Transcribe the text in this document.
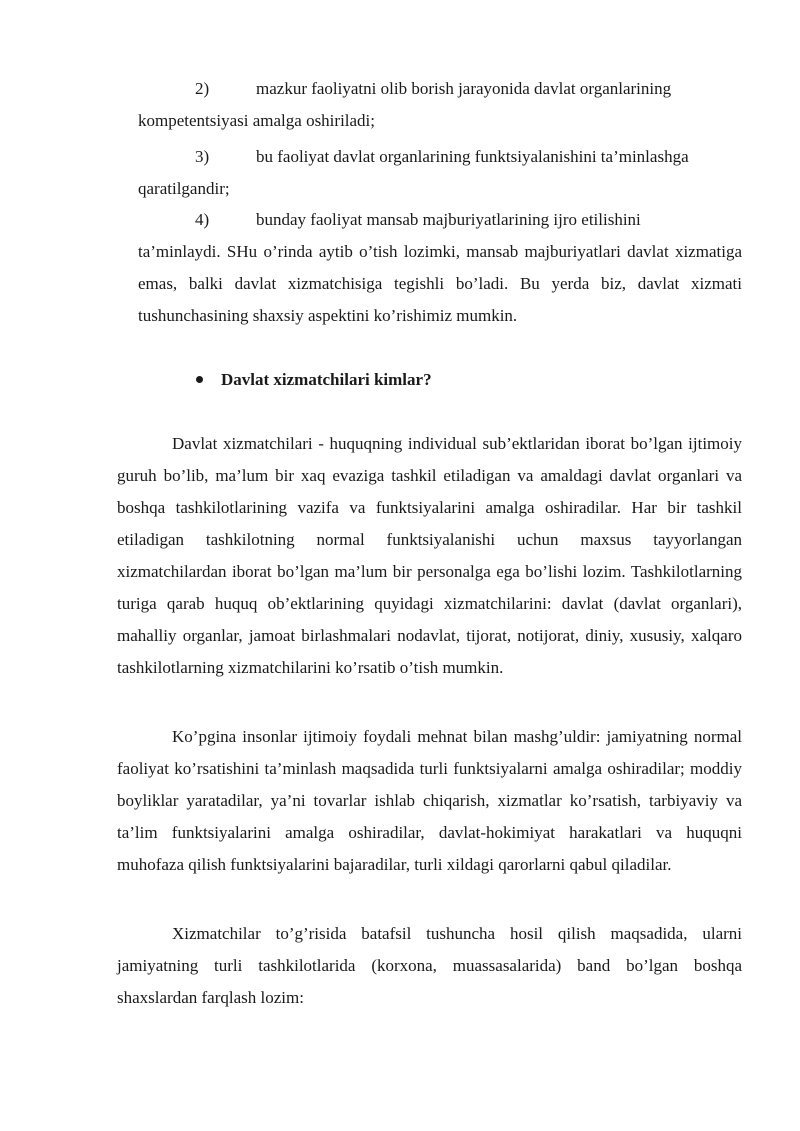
2)	mazkur faoliyatni olib borish jarayonida davlat organlarining
kompetentsiyasi amalga oshiriladi;
3)	bu faoliyat davlat organlarining funktsiyalanishini ta’minlashga
qaratilgandir;
4)	bunday faoliyat mansab majburiyatlarining ijro etilishini
ta’minlaydi. SHu o’rinda aytib o’tish lozimki, mansab majburiyatlari davlat xizmatiga emas, balki davlat xizmatchisiga tegishli bo’ladi. Bu yerda biz, davlat xizmati tushunchasining shaxsiy aspektini ko’rishimiz mumkin.
Davlat xizmatchilari kimlar?

Davlat xizmatchilari - huquqning individual sub’ektlaridan iborat bo’lgan ijtimoiy guruh bo’lib, ma’lum bir xaq evaziga tashkil etiladigan va amaldagi davlat organlari va boshqa tashkilotlarining vazifa va funktsiyalarini amalga oshiradilar. Har bir tashkil etiladigan tashkilotning normal funktsiyalanishi uchun maxsus tayyorlangan xizmatchilardan iborat bo’lgan ma’lum bir personalga ega bo’lishi lozim. Tashkilotlarning turiga qarab huquq ob’ektlarining quyidagi xizmatchilarini: davlat (davlat organlari), mahalliy organlar, jamoat birlashmalari nodavlat, tijorat, notijorat, diniy, xususiy, xalqaro tashkilotlarning xizmatchilarini ko’rsatib o’tish mumkin.

Ko’pgina insonlar ijtimoiy foydali mehnat bilan mashg’uldir: jamiyatning normal faoliyat ko’rsatishini ta’minlash maqsadida turli funktsiyalarni amalga oshiradilar; moddiy boyliklar yaratadilar, ya’ni tovarlar ishlab chiqarish, xizmatlar ko’rsatish, tarbiyaviy va ta’lim funktsiyalarini amalga oshiradilar, davlat-hokimiyat harakatlari va huquqni muhofaza qilish funktsiyalarini bajaradilar, turli xildagi qarorlarni qabul qiladilar.

Xizmatchilar to’g’risida batafsil tushuncha hosil qilish maqsadida, ularni jamiyatning turli tashkilotlarida (korxona, muassasalarida) band bo’lgan boshqa shaxslardan farqlash lozim:
